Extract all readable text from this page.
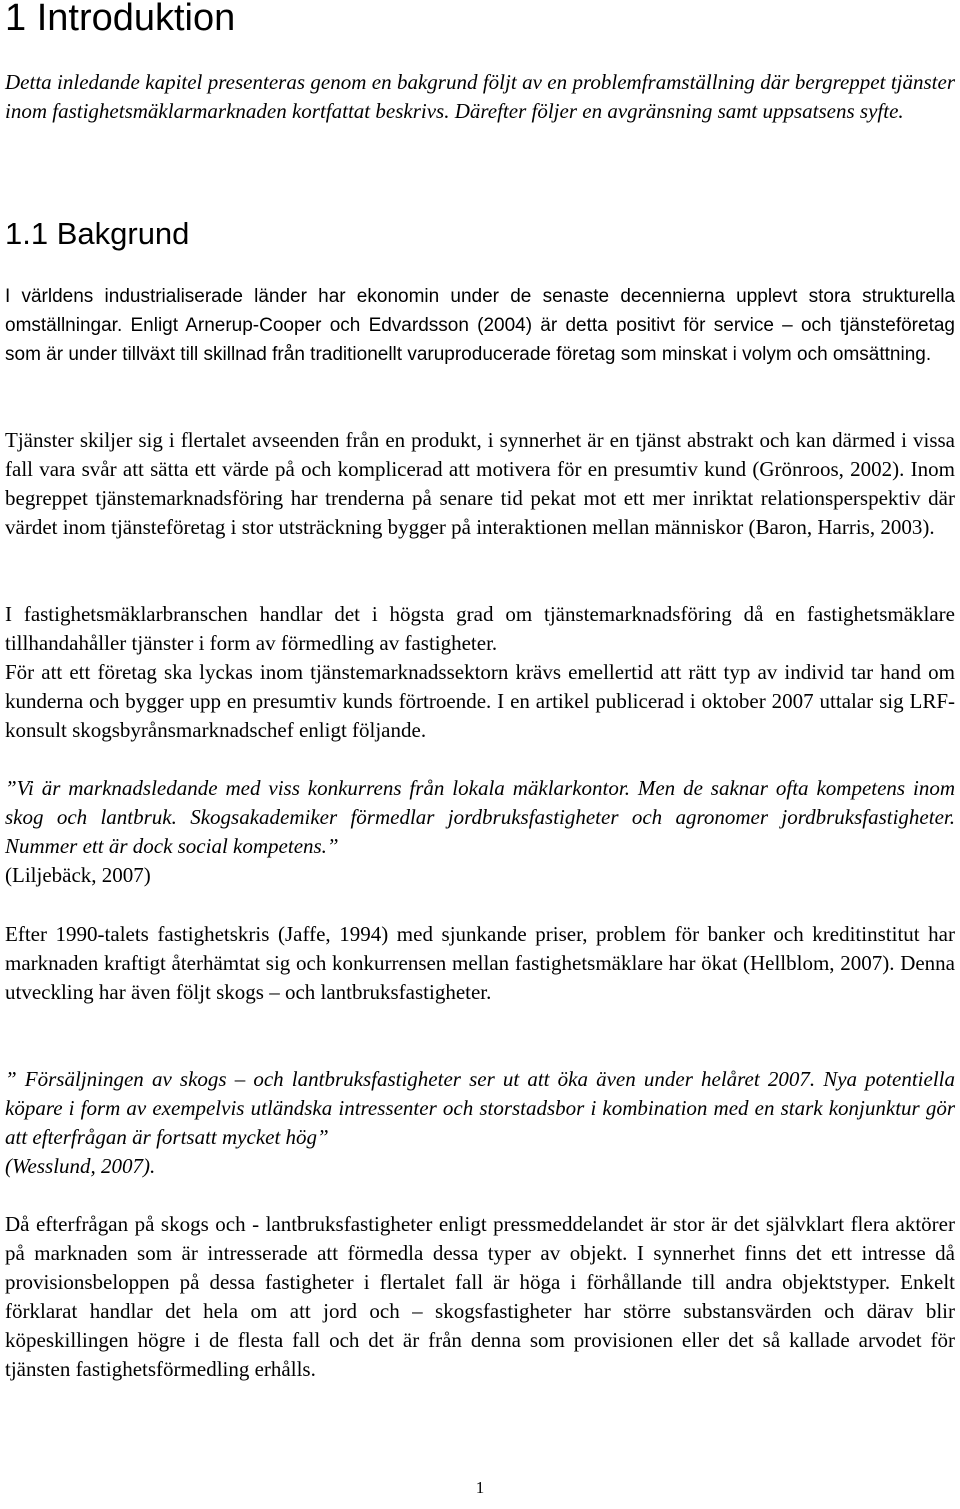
1 Introduktion

Detta inledande kapitel presenteras genom en bakgrund följt av en problemframställning där bergreppet tjänster inom fastighetsmäklarmarknaden kortfattat beskrivs. Därefter följer en avgränsning samt uppsatsens syfte.

1.1 Bakgrund

I världens industrialiserade länder har ekonomin under de senaste decennierna upplevt stora strukturella omställningar. Enligt Arnerup-Cooper och Edvardsson (2004) är detta positivt för service – och tjänsteföretag som är under tillväxt till skillnad från traditionellt varuproducerade företag som minskat i volym och omsättning.

Tjänster skiljer sig i flertalet avseenden från en produkt, i synnerhet är en tjänst abstrakt och kan därmed i vissa fall vara svår att sätta ett värde på och komplicerad att motivera för en presumtiv kund (Grönroos, 2002). Inom begreppet tjänstemarknadsföring har trenderna på senare tid pekat mot ett mer inriktat relationsperspektiv där värdet inom tjänsteföretag i stor utsträckning bygger på interaktionen mellan människor (Baron, Harris, 2003).

I fastighetsmäklarbranschen handlar det i högsta grad om tjänstemarknadsföring då en fastighetsmäklare tillhandahåller tjänster i form av förmedling av fastigheter.

För att ett företag ska lyckas inom tjänstemarknadssektorn krävs emellertid att rätt typ av individ tar hand om kunderna och bygger upp en presumtiv kunds förtroende. I en artikel publicerad i oktober 2007 uttalar sig LRF-konsult skogsbyrånsmarknadschef enligt följande.

”Vi är marknadsledande med viss konkurrens från lokala mäklarkontor. Men de saknar ofta kompetens inom skog och lantbruk. Skogsakademiker förmedlar jordbruksfastigheter och agronomer jordbruksfastigheter. Nummer ett är dock social kompetens.”
(Liljebäck, 2007)

Efter 1990-talets fastighetskris (Jaffe, 1994) med sjunkande priser, problem för banker och kreditinstitut har marknaden kraftigt återhämtat sig och konkurrensen mellan fastighetsmäklare har ökat (Hellblom, 2007). Denna utveckling har även följt skogs – och lantbruksfastigheter.

” Försäljningen av skogs – och lantbruksfastigheter ser ut att öka även under helåret 2007. Nya potentiella köpare i form av exempelvis utländska intressenter och storstadsbor i kombination med en stark konjunktur gör att efterfrågan är fortsatt mycket hög”
(Wesslund, 2007).

Då efterfrågan på skogs och - lantbruksfastigheter enligt pressmeddelandet är stor är det självklart flera aktörer på marknaden som är intresserade att förmedla dessa typer av objekt. I synnerhet finns det ett intresse då provisionsbeloppen på dessa fastigheter i flertalet fall är höga i förhållande till andra objektstyper. Enkelt förklarat handlar det hela om att jord och – skogsfastigheter har större substansvärden och därav blir köpeskillingen högre i de flesta fall och det är från denna som provisionen eller det så kallade arvodet för tjänsten fastighetsförmedling erhålls.

1
